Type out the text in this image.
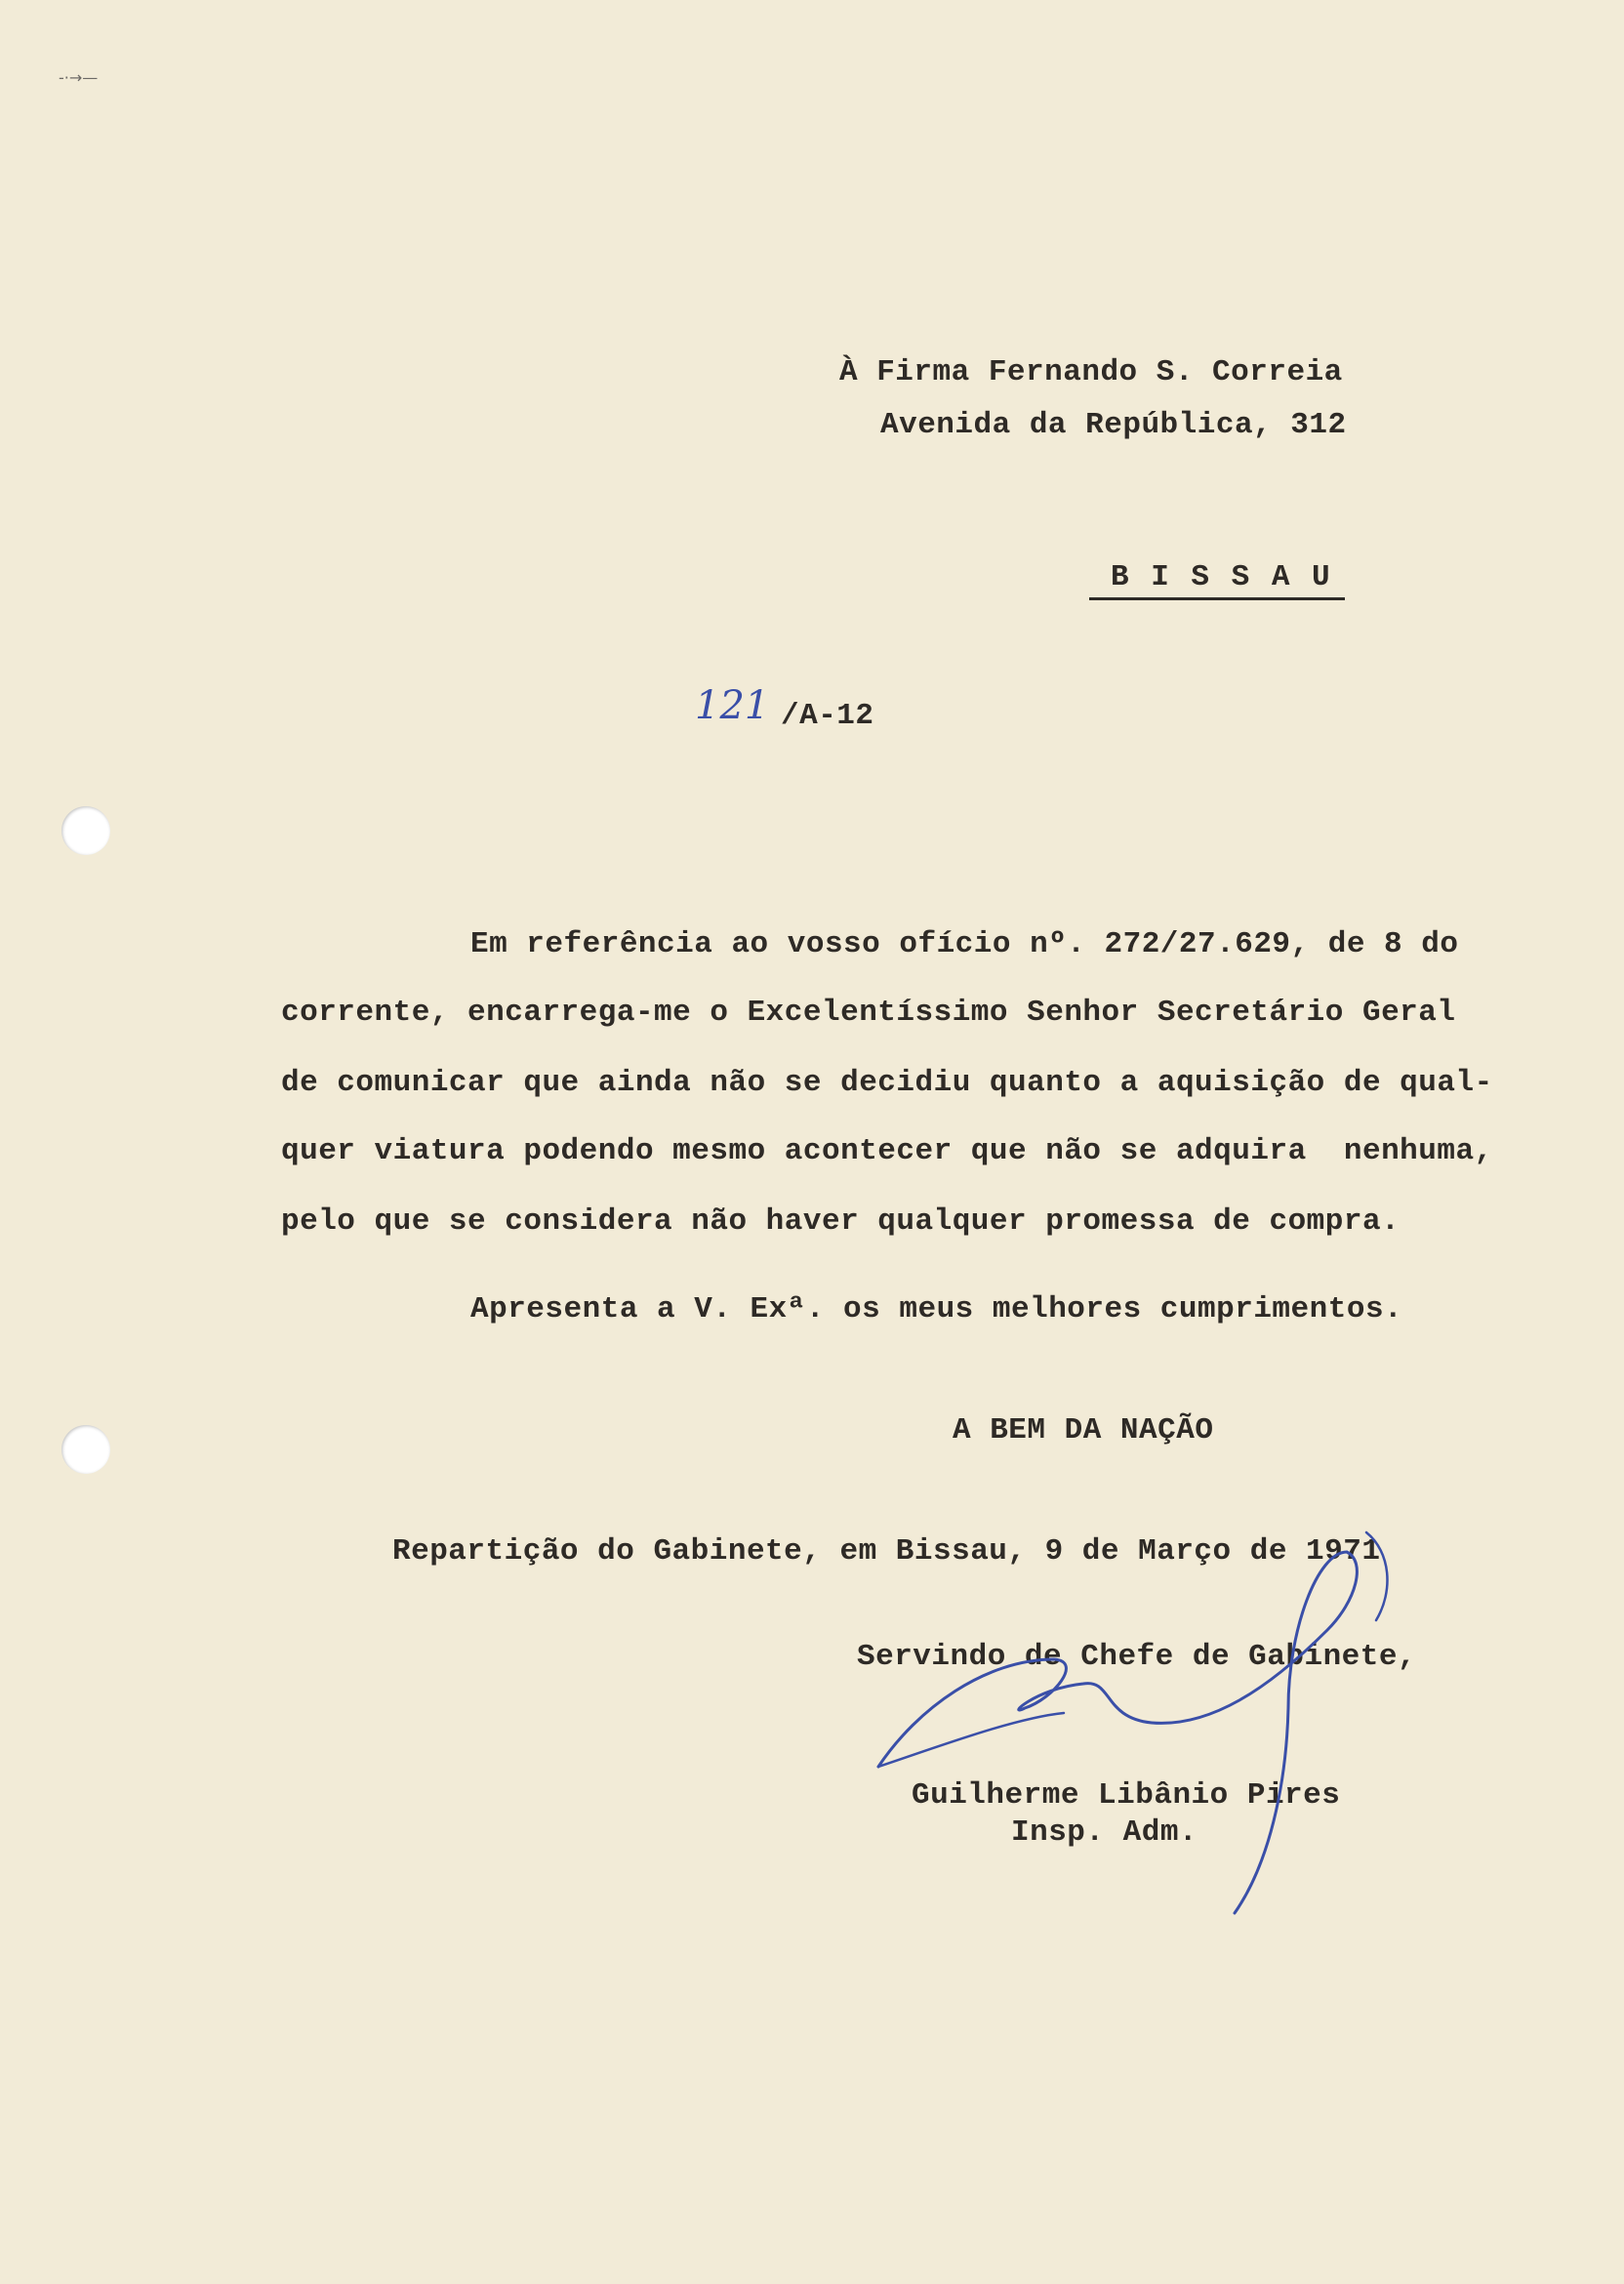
-·→—
À Firma Fernando S. Correia
Avenida da República, 312
B I S S A U
121 /A-12
Em referência ao vosso ofício nº. 272/27.629, de 8 do
corrente, encarrega-me o Excelentíssimo Senhor Secretário Geral
de comunicar que ainda não se decidiu quanto a aquisição de qual-
quer viatura podendo mesmo acontecer que não se adquira  nenhuma,
pelo que se considera não haver qualquer promessa de compra.
Apresenta a V. Exª. os meus melhores cumprimentos.
A BEM DA NAÇÃO
Repartição do Gabinete, em Bissau, 9 de Março de 1971
Servindo de Chefe de Gabinete,
Guilherme Libânio Pires
Insp. Adm.
